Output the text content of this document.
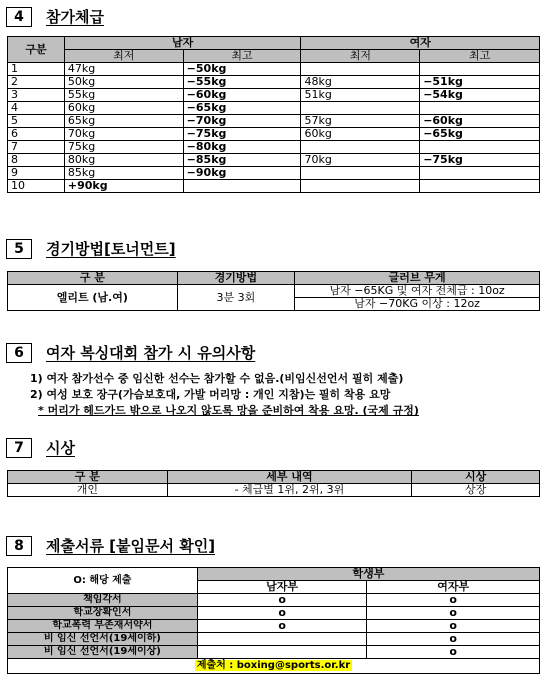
4	참가체급
구분	남자		여자	
	최저	최고	최저	최고
1	47kg	−50kg		
2	50kg	−55kg	48kg	−51kg
3	55kg	−60kg	51kg	−54kg
4	60kg	−65kg		
5	65kg	−70kg	57kg	−60kg
6	70kg	−75kg	60kg	−65kg
7	75kg	−80kg		
8	80kg	−85kg	70kg	−75kg
9	85kg	−90kg		
10	+90kg			
5	경기방법[토너먼트]
구 분	경기방법	글러브 무게
엘리트 (남.여)	3분 3회	남자 −65KG 및 여자 전체급 : 10oz
		남자 −70KG 이상 : 12oz
6	여자 복싱대회 참가 시 유의사항
1) 여자 참가선수 중 임신한 선수는 참가할 수 없음.(비임신선언서 필히 제출)
2) 여성 보호 장구(가슴보호대, 가발 머리망 : 개인 지참)는 필히 착용 요망
* 머리가 헤드가드 밖으로 나오지 않도록 망을 준비하여 착용 요망. (국제 규정)
7	시상
구 분	세부 내역	시상
개인	- 체급별 1위, 2위, 3위	상장
8	제출서류 [붙임문서 확인]
O: 해당 제출	학생부	
	남자부	여자부
책임각서	o	o
학교장확인서	o	o
학교폭력 부존재서약서	o	o
비 임신 선언서(19세이하)		o
비 임신 선언서(19세이상)		o
제출처 : boxing@sports.or.kr		
